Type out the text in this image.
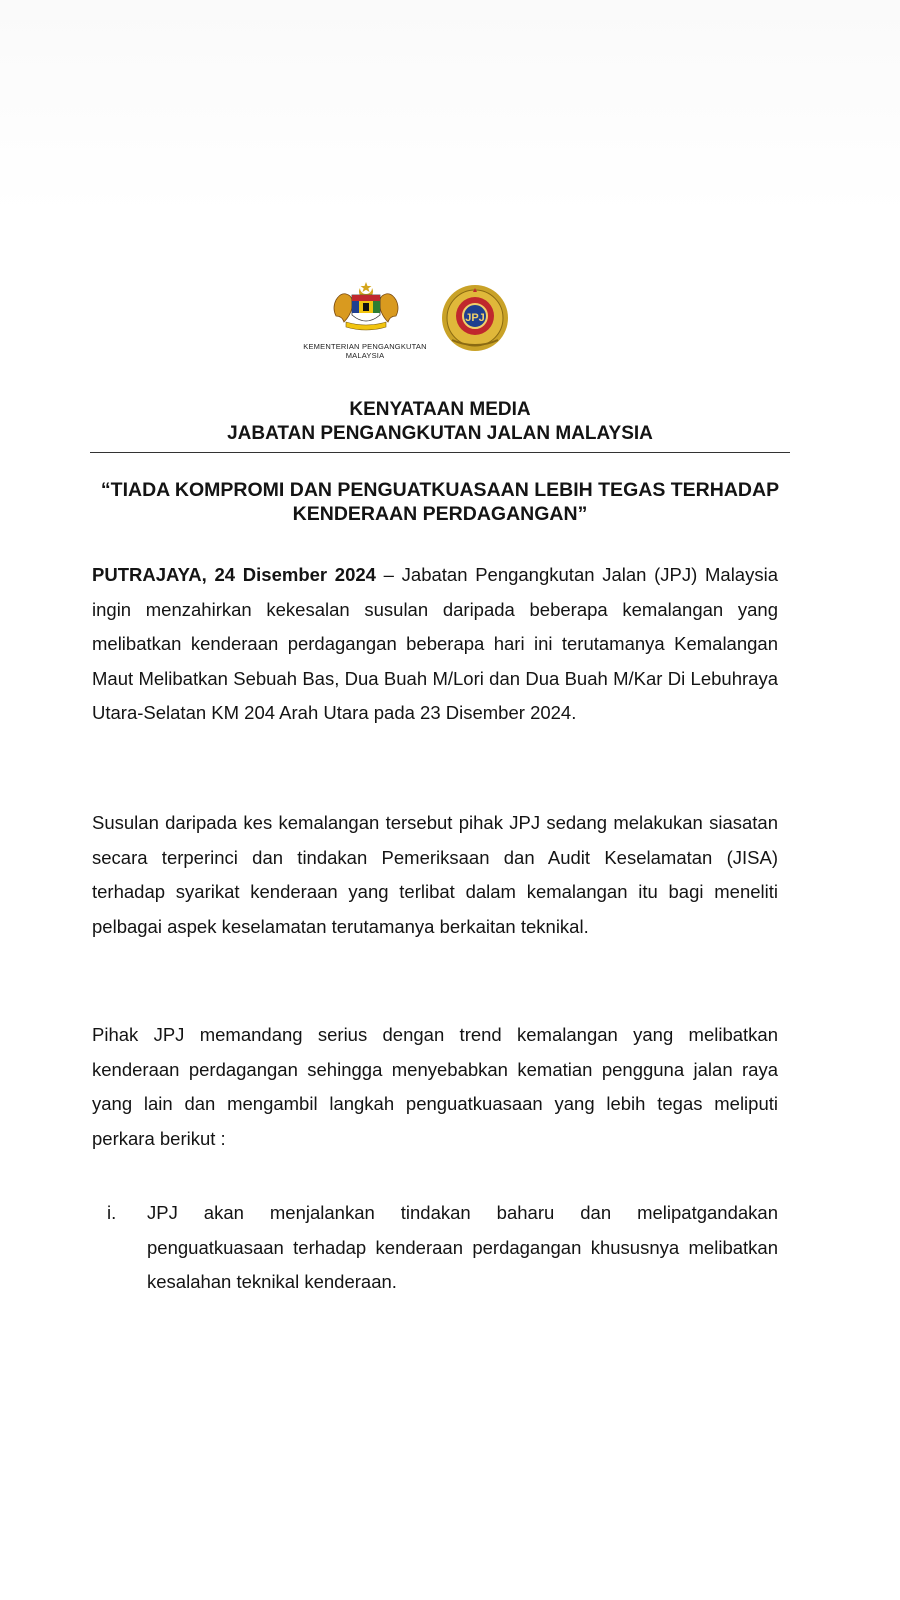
KEMENTERIAN PENGANGKUTAN
MALAYSIA
JPJ
KENYATAAN MEDIA
JABATAN PENGANGKUTAN JALAN MALAYSIA
“TIADA KOMPROMI DAN PENGUATKUASAAN LEBIH TEGAS TERHADAP
KENDERAAN PERDAGANGAN”

PUTRAJAYA, 24 Disember 2024 – Jabatan Pengangkutan Jalan (JPJ) Malaysia ingin menzahirkan kekesalan susulan daripada beberapa kemalangan yang melibatkan kenderaan perdagangan beberapa hari ini terutamanya Kemalangan Maut Melibatkan Sebuah Bas, Dua Buah M/Lori dan Dua Buah M/Kar Di Lebuhraya Utara-Selatan KM 204 Arah Utara pada 23 Disember 2024.

Susulan daripada kes kemalangan tersebut pihak JPJ sedang melakukan siasatan secara terperinci dan tindakan Pemeriksaan dan Audit Keselamatan (JISA) terhadap syarikat kenderaan yang terlibat dalam kemalangan itu bagi meneliti pelbagai aspek keselamatan terutamanya berkaitan teknikal.

Pihak JPJ memandang serius dengan trend kemalangan yang melibatkan kenderaan perdagangan sehingga menyebabkan kematian pengguna jalan raya yang lain dan mengambil langkah penguatkuasaan yang lebih tegas meliputi perkara berikut :

i. JPJ akan menjalankan tindakan baharu dan melipatgandakan penguatkuasaan terhadap kenderaan perdagangan khususnya melibatkan kesalahan teknikal kenderaan.
